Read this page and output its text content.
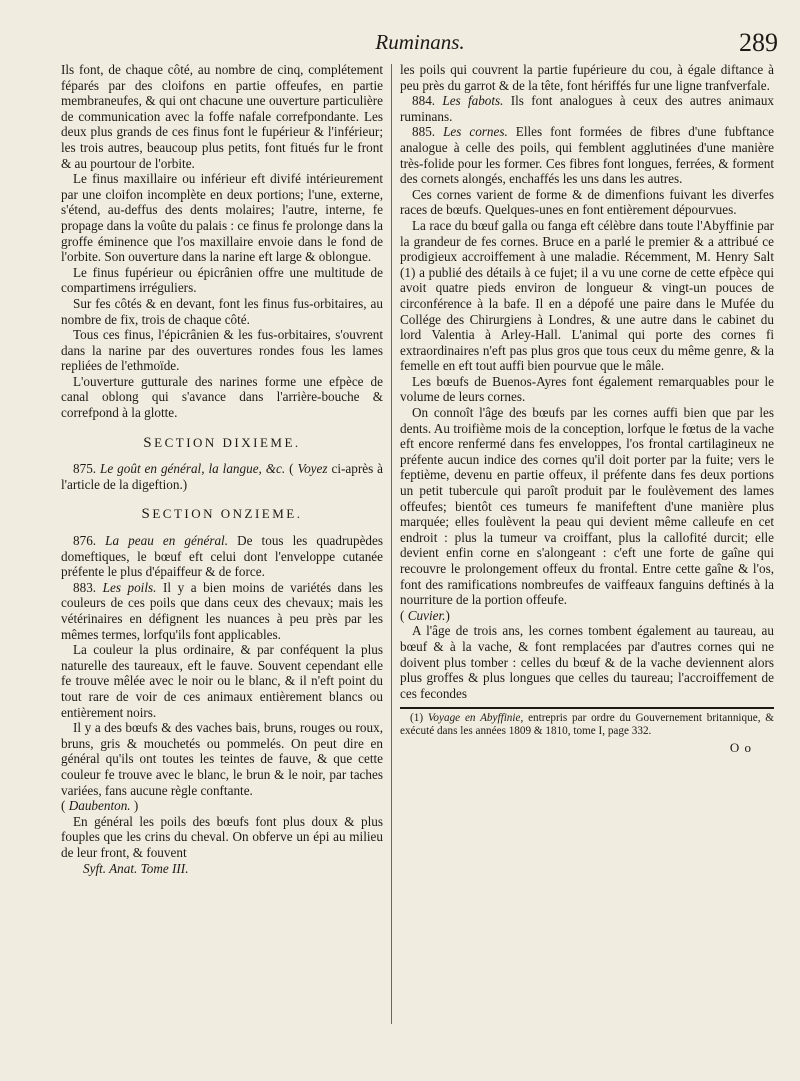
Ruminans.	289

Ils font, de chaque côté, au nombre de cinq, complétement féparés par des cloifons en partie offeufes, en partie membraneufes, & qui ont chacune une ouverture particulière de communication avec la foffe nafale correfpondante. Les deux plus grands de ces finus font le fupérieur & l'inférieur; les trois autres, beaucoup plus petits, font fitués fur le front & au pourtour de l'orbite.

Le finus maxillaire ou inférieur eft divifé intérieurement par une cloifon incomplète en deux portions; l'une, externe, s'étend, au-deffus des dents molaires; l'autre, interne, fe propage dans la voûte du palais : ce finus fe prolonge dans la groffe éminence que l'os maxillaire envoie dans le fond de l'orbite. Son ouverture dans la narine eft large & oblongue.

Le finus fupérieur ou épicrânien offre une multitude de compartimens irréguliers.

Sur fes côtés & en devant, font les finus fus-orbitaires, au nombre de fix, trois de chaque côté.

Tous ces finus, l'épicrânien & les fus-orbitaires, s'ouvrent dans la narine par des ouvertures rondes fous les lames repliées de l'ethmoïde.

L'ouverture gutturale des narines forme une efpèce de canal oblong qui s'avance dans l'arrière-bouche & correfpond à la glotte.

SECTION DIXIEME.

875. Le goût en général, la langue, &c. ( Voyez ci-après à l'article de la digeftion.)

SECTION ONZIEME.

876. La peau en général. De tous les quadrupèdes domeftiques, le bœuf eft celui dont l'enveloppe cutanée préfente le plus d'épaiffeur & de force.

883. Les poils. Il y a bien moins de variétés dans les couleurs de ces poils que dans ceux des chevaux; mais les vétérinaires en défignent les nuances à peu près par les mêmes termes, lorfqu'ils font applicables.

La couleur la plus ordinaire, & par conféquent la plus naturelle des taureaux, eft le fauve. Souvent cependant elle fe trouve mêlée avec le noir ou le blanc, & il n'eft point du tout rare de voir de ces animaux entièrement blancs ou entièrement noirs.

Il y a des bœufs & des vaches bais, bruns, rouges ou roux, bruns, gris & mouchetés ou pommelés. On peut dire en général qu'ils ont toutes les teintes de fauve, & que cette couleur fe trouve avec le blanc, le brun & le noir, par taches variées, fans aucune règle conftante.

( Daubenton. )

En général les poils des bœufs font plus doux & plus fouples que les crins du cheval. On obferve un épi au milieu de leur front, & fouvent

Syft. Anat. Tome III.

les poils qui couvrent la partie fupérieure du cou, à égale diftance à peu près du garrot & de la tête, font hériffés fur une ligne tranfverfale.

884. Les fabots. Ils font analogues à ceux des autres animaux ruminans.

885. Les cornes. Elles font formées de fibres d'une fubftance analogue à celle des poils, qui femblent agglutinées d'une manière très-folide pour les former. Ces fibres font longues, ferrées, & forment des cornets alongés, enchaffés les uns dans les autres.

Ces cornes varient de forme & de dimenfions fuivant les diverfes races de bœufs. Quelques-unes en font entièrement dépourvues.

La race du bœuf galla ou fanga eft célèbre dans toute l'Abyffinie par la grandeur de fes cornes. Bruce en a parlé le premier & a attribué ce prodigieux accroiffement à une maladie. Récemment, M. Henry Salt (1) a publié des détails à ce fujet; il a vu une corne de cette efpèce qui avoit quatre pieds environ de longueur & vingt-un pouces de circonférence à la bafe. Il en a dépofé une paire dans le Mufée du Collége des Chirurgiens à Londres, & une autre dans le cabinet du lord Valentia à Arley-Hall. L'animal qui porte des cornes fi extraordinaires n'eft pas plus gros que tous ceux du même genre, & la femelle en eft tout auffi bien pourvue que le mâle.

Les bœufs de Buenos-Ayres font également remarquables pour le volume de leurs cornes.

On connoît l'âge des bœufs par les cornes auffi bien que par les dents. Au troifième mois de la conception, lorfque le fœtus de la vache eft encore renfermé dans fes enveloppes, l'os frontal cartilagineux ne préfente aucun indice des cornes qu'il doit porter par la fuite; vers le feptième, devenu en partie offeux, il préfente dans fes deux portions un petit tubercule qui paroît produit par le foulèvement des lames offeufes; bientôt ces tumeurs fe manifeftent d'une manière plus marquée; elles foulèvent la peau qui devient même calleufe en cet endroit : plus la tumeur va croiffant, plus la callofité durcit; elle devient enfin corne en s'alongeant : c'eft une forte de gaîne qui recouvre le prolongement offeux du frontal. Entre cette gaîne & l'os, font des ramifications nombreufes de vaiffeaux fanguins deftinés à la nourriture de la portion offeufe.

( Cuvier.)

A l'âge de trois ans, les cornes tombent également au taureau, au bœuf & à la vache, & font remplacées par d'autres cornes qui ne doivent plus tomber : celles du bœuf & de la vache deviennent alors plus groffes & plus longues que celles du taureau; l'accroiffement de ces fecondes

(1) Voyage en Abyffinie, entrepris par ordre du Gouvernement britannique, & exécuté dans les années 1809 & 1810, tome I, page 332.

O o
